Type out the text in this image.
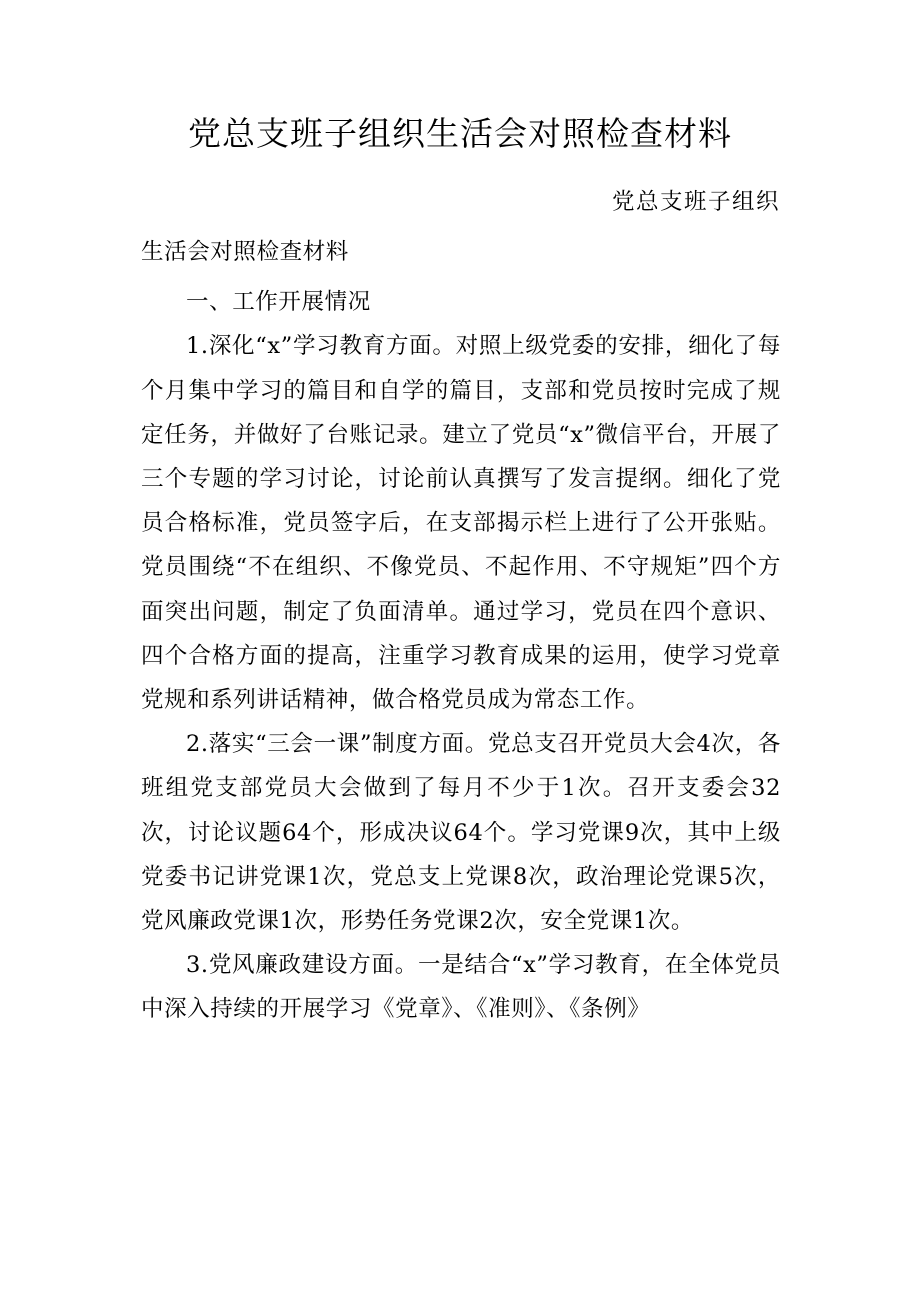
党总支班子组织生活会对照检查材料
党总支班子组织

生活会对照检查材料

一、工作开展情况

1.深化“x”学习教育方面。对照上级党委的安排，细化了每个月集中学习的篇目和自学的篇目，支部和党员按时完成了规定任务，并做好了台账记录。建立了党员“x”微信平台，开展了三个专题的学习讨论，讨论前认真撰写了发言提纲。细化了党员合格标准，党员签字后，在支部揭示栏上进行了公开张贴。党员围绕“不在组织、不像党员、不起作用、不守规矩”四个方面突出问题，制定了负面清单。通过学习，党员在四个意识、四个合格方面的提高，注重学习教育成果的运用，使学习党章党规和系列讲话精神，做合格党员成为常态工作。

2.落实“三会一课”制度方面。党总支召开党员大会4次，各班组党支部党员大会做到了每月不少于1次。召开支委会32次，讨论议题64个，形成决议64个。学习党课9次，其中上级党委书记讲党课1次，党总支上党课8次，政治理论党课5次，党风廉政党课1次，形势任务党课2次，安全党课1次。

3.党风廉政建设方面。一是结合“x”学习教育，在全体党员中深入持续的开展学习《党章》、《准则》、《条例》
